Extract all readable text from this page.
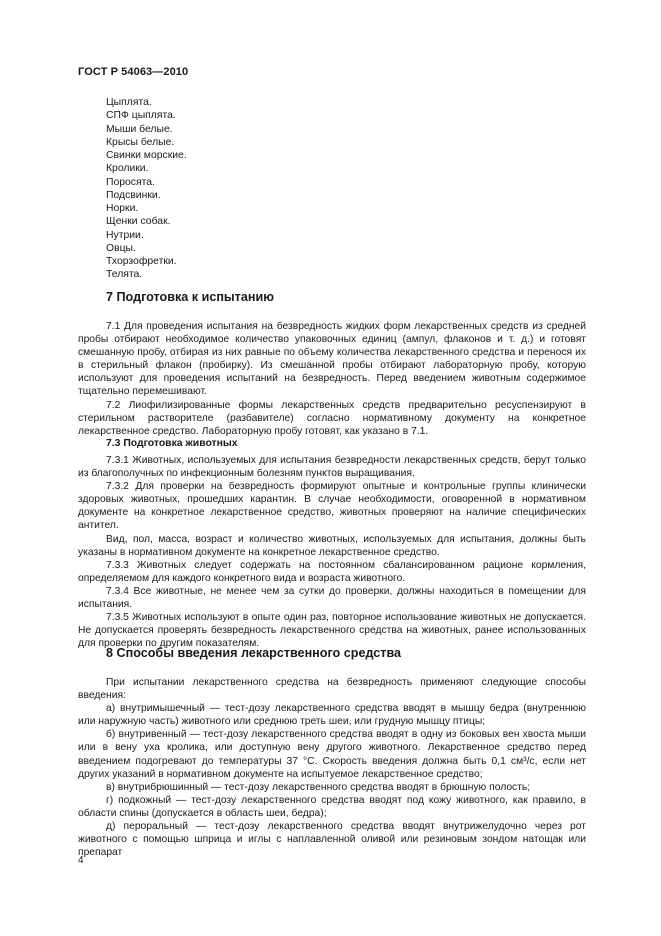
ГОСТ Р 54063—2010
Цыплята.
СПФ цыплята.
Мыши белые.
Крысы белые.
Свинки морские.
Кролики.
Поросята.
Подсвинки.
Норки.
Щенки собак.
Нутрии.
Овцы.
Тхорзофретки.
Телята.
7 Подготовка к испытанию

7.1 Для проведения испытания на безвредность жидких форм лекарственных средств из средней пробы отбирают необходимое количество упаковочных единиц (ампул, флаконов и т. д.) и готовят смешанную пробу, отбирая из них равные по объему количества лекарственного средства и перенося их в стерильный флакон (пробирку). Из смешанной пробы отбирают лабораторную пробу, которую используют для проведения испытаний на безвредность. Перед введением животным содержимое тщательно перемешивают.

7.2 Лиофилизированные формы лекарственных средств предварительно ресуспензируют в стерильном растворителе (разбавителе) согласно нормативному документу на конкретное лекарственное средство. Лабораторную пробу готовят, как указано в 7.1.

7.3 Подготовка животных

7.3.1 Животных, используемых для испытания безвредности лекарственных средств, берут только из благополучных по инфекционным болезням пунктов выращивания.

7.3.2 Для проверки на безвредность формируют опытные и контрольные группы клинически здоровых животных, прошедших карантин. В случае необходимости, оговоренной в нормативном документе на конкретное лекарственное средство, животных проверяют на наличие специфических антител.

Вид, пол, масса, возраст и количество животных, используемых для испытания, должны быть указаны в нормативном документе на конкретное лекарственное средство.

7.3.3 Животных следует содержать на постоянном сбалансированном рационе кормления, определяемом для каждого конкретного вида и возраста животного.

7.3.4 Все животные, не менее чем за сутки до проверки, должны находиться в помещении для испытания.

7.3.5 Животных используют в опыте один раз, повторное использование животных не допускается. Не допускается проверять безвредность лекарственного средства на животных, ранее использованных для проверки по другим показателям.

8 Способы введения лекарственного средства

При испытании лекарственного средства на безвредность применяют следующие способы введения:

а) внутримышечный — тест-дозу лекарственного средства вводят в мышцу бедра (внутреннюю или наружную часть) животного или среднюю треть шеи, или грудную мышцу птицы;

б) внутривенный — тест-дозу лекарственного средства вводят в одну из боковых вен хвоста мыши или в вену уха кролика, или доступную вену другого животного. Лекарственное средство перед введением подогревают до температуры 37 °С. Скорость введения должна быть 0,1 см³/с, если нет других указаний в нормативном документе на испытуемое лекарственное средство;

в) внутрибрюшинный — тест-дозу лекарственного средства вводят в брюшную полость;

г) подкожный — тест-дозу лекарственного средства вводят под кожу животного, как правило, в области спины (допускается в область шеи, бедра);

д) пероральный — тест-дозу лекарственного средства вводят внутрижелудочно через рот животного с помощью шприца и иглы с наплавленной оливой или резиновым зондом натощак или препарат

4
